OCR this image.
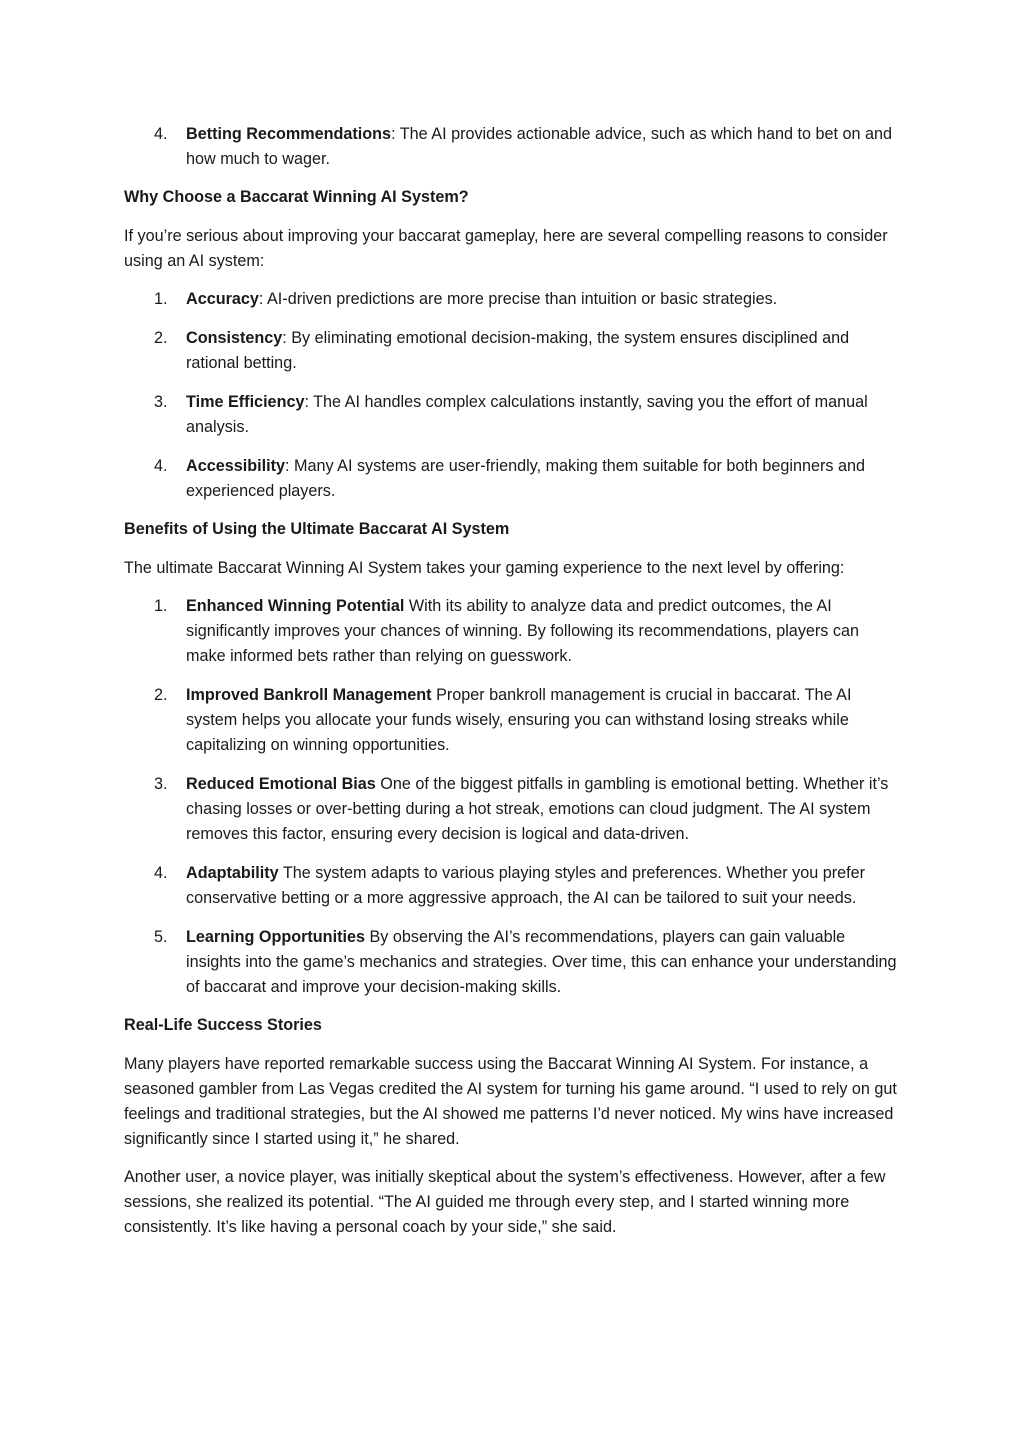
4. Betting Recommendations: The AI provides actionable advice, such as which hand to bet on and how much to wager.

Why Choose a Baccarat Winning AI System?

If you’re serious about improving your baccarat gameplay, here are several compelling reasons to consider using an AI system:

1. Accuracy: AI-driven predictions are more precise than intuition or basic strategies.
2. Consistency: By eliminating emotional decision-making, the system ensures disciplined and rational betting.
3. Time Efficiency: The AI handles complex calculations instantly, saving you the effort of manual analysis.
4. Accessibility: Many AI systems are user-friendly, making them suitable for both beginners and experienced players.

Benefits of Using the Ultimate Baccarat AI System

The ultimate Baccarat Winning AI System takes your gaming experience to the next level by offering:

1. Enhanced Winning Potential With its ability to analyze data and predict outcomes, the AI significantly improves your chances of winning. By following its recommendations, players can make informed bets rather than relying on guesswork.
2. Improved Bankroll Management Proper bankroll management is crucial in baccarat. The AI system helps you allocate your funds wisely, ensuring you can withstand losing streaks while capitalizing on winning opportunities.
3. Reduced Emotional Bias One of the biggest pitfalls in gambling is emotional betting. Whether it’s chasing losses or over-betting during a hot streak, emotions can cloud judgment. The AI system removes this factor, ensuring every decision is logical and data-driven.
4. Adaptability The system adapts to various playing styles and preferences. Whether you prefer conservative betting or a more aggressive approach, the AI can be tailored to suit your needs.
5. Learning Opportunities By observing the AI’s recommendations, players can gain valuable insights into the game’s mechanics and strategies. Over time, this can enhance your understanding of baccarat and improve your decision-making skills.

Real-Life Success Stories

Many players have reported remarkable success using the Baccarat Winning AI System. For instance, a seasoned gambler from Las Vegas credited the AI system for turning his game around. “I used to rely on gut feelings and traditional strategies, but the AI showed me patterns I’d never noticed. My wins have increased significantly since I started using it,” he shared.

Another user, a novice player, was initially skeptical about the system’s effectiveness. However, after a few sessions, she realized its potential. “The AI guided me through every step, and I started winning more consistently. It’s like having a personal coach by your side,” she said.
